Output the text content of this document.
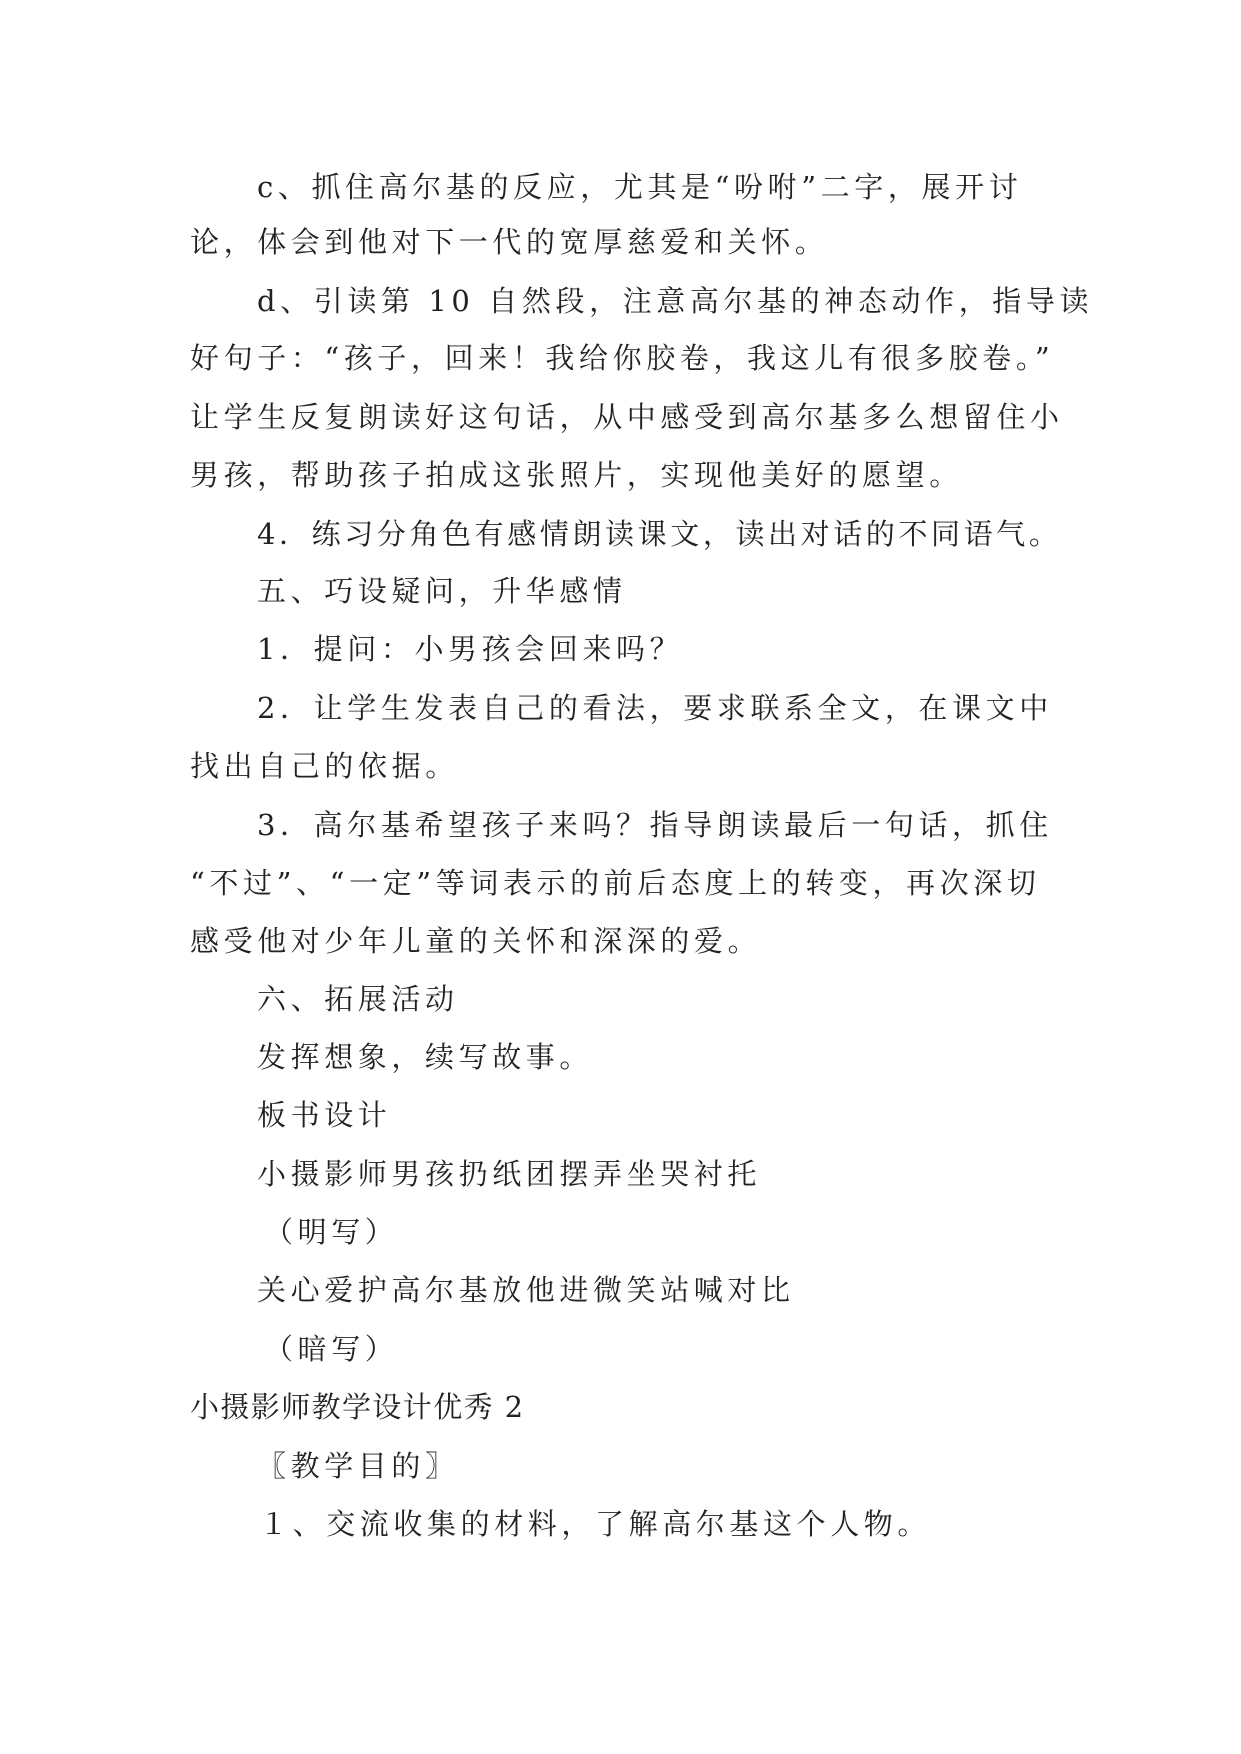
c、抓住高尔基的反应，尤其是“吩咐”二字，展开讨
论，体会到他对下一代的宽厚慈爱和关怀。
d、引读第 10 自然段，注意高尔基的神态动作，指导读
好句子：“孩子，回来！我给你胶卷，我这儿有很多胶卷。”
让学生反复朗读好这句话，从中感受到高尔基多么想留住小
男孩，帮助孩子拍成这张照片，实现他美好的愿望。
4．练习分角色有感情朗读课文，读出对话的不同语气。
五、巧设疑问，升华感情
1．提问：小男孩会回来吗？
2．让学生发表自己的看法，要求联系全文，在课文中
找出自己的依据。
3．高尔基希望孩子来吗？指导朗读最后一句话，抓住
“不过”、“一定”等词表示的前后态度上的转变，再次深切
感受他对少年儿童的关怀和深深的爱。
六、拓展活动
发挥想象，续写故事。
板书设计
小摄影师男孩扔纸团摆弄坐哭衬托
（明写）
关心爱护高尔基放他进微笑站喊对比
（暗写）
小摄影师教学设计优秀 2
〖教学目的〗
１、交流收集的材料，了解高尔基这个人物。
